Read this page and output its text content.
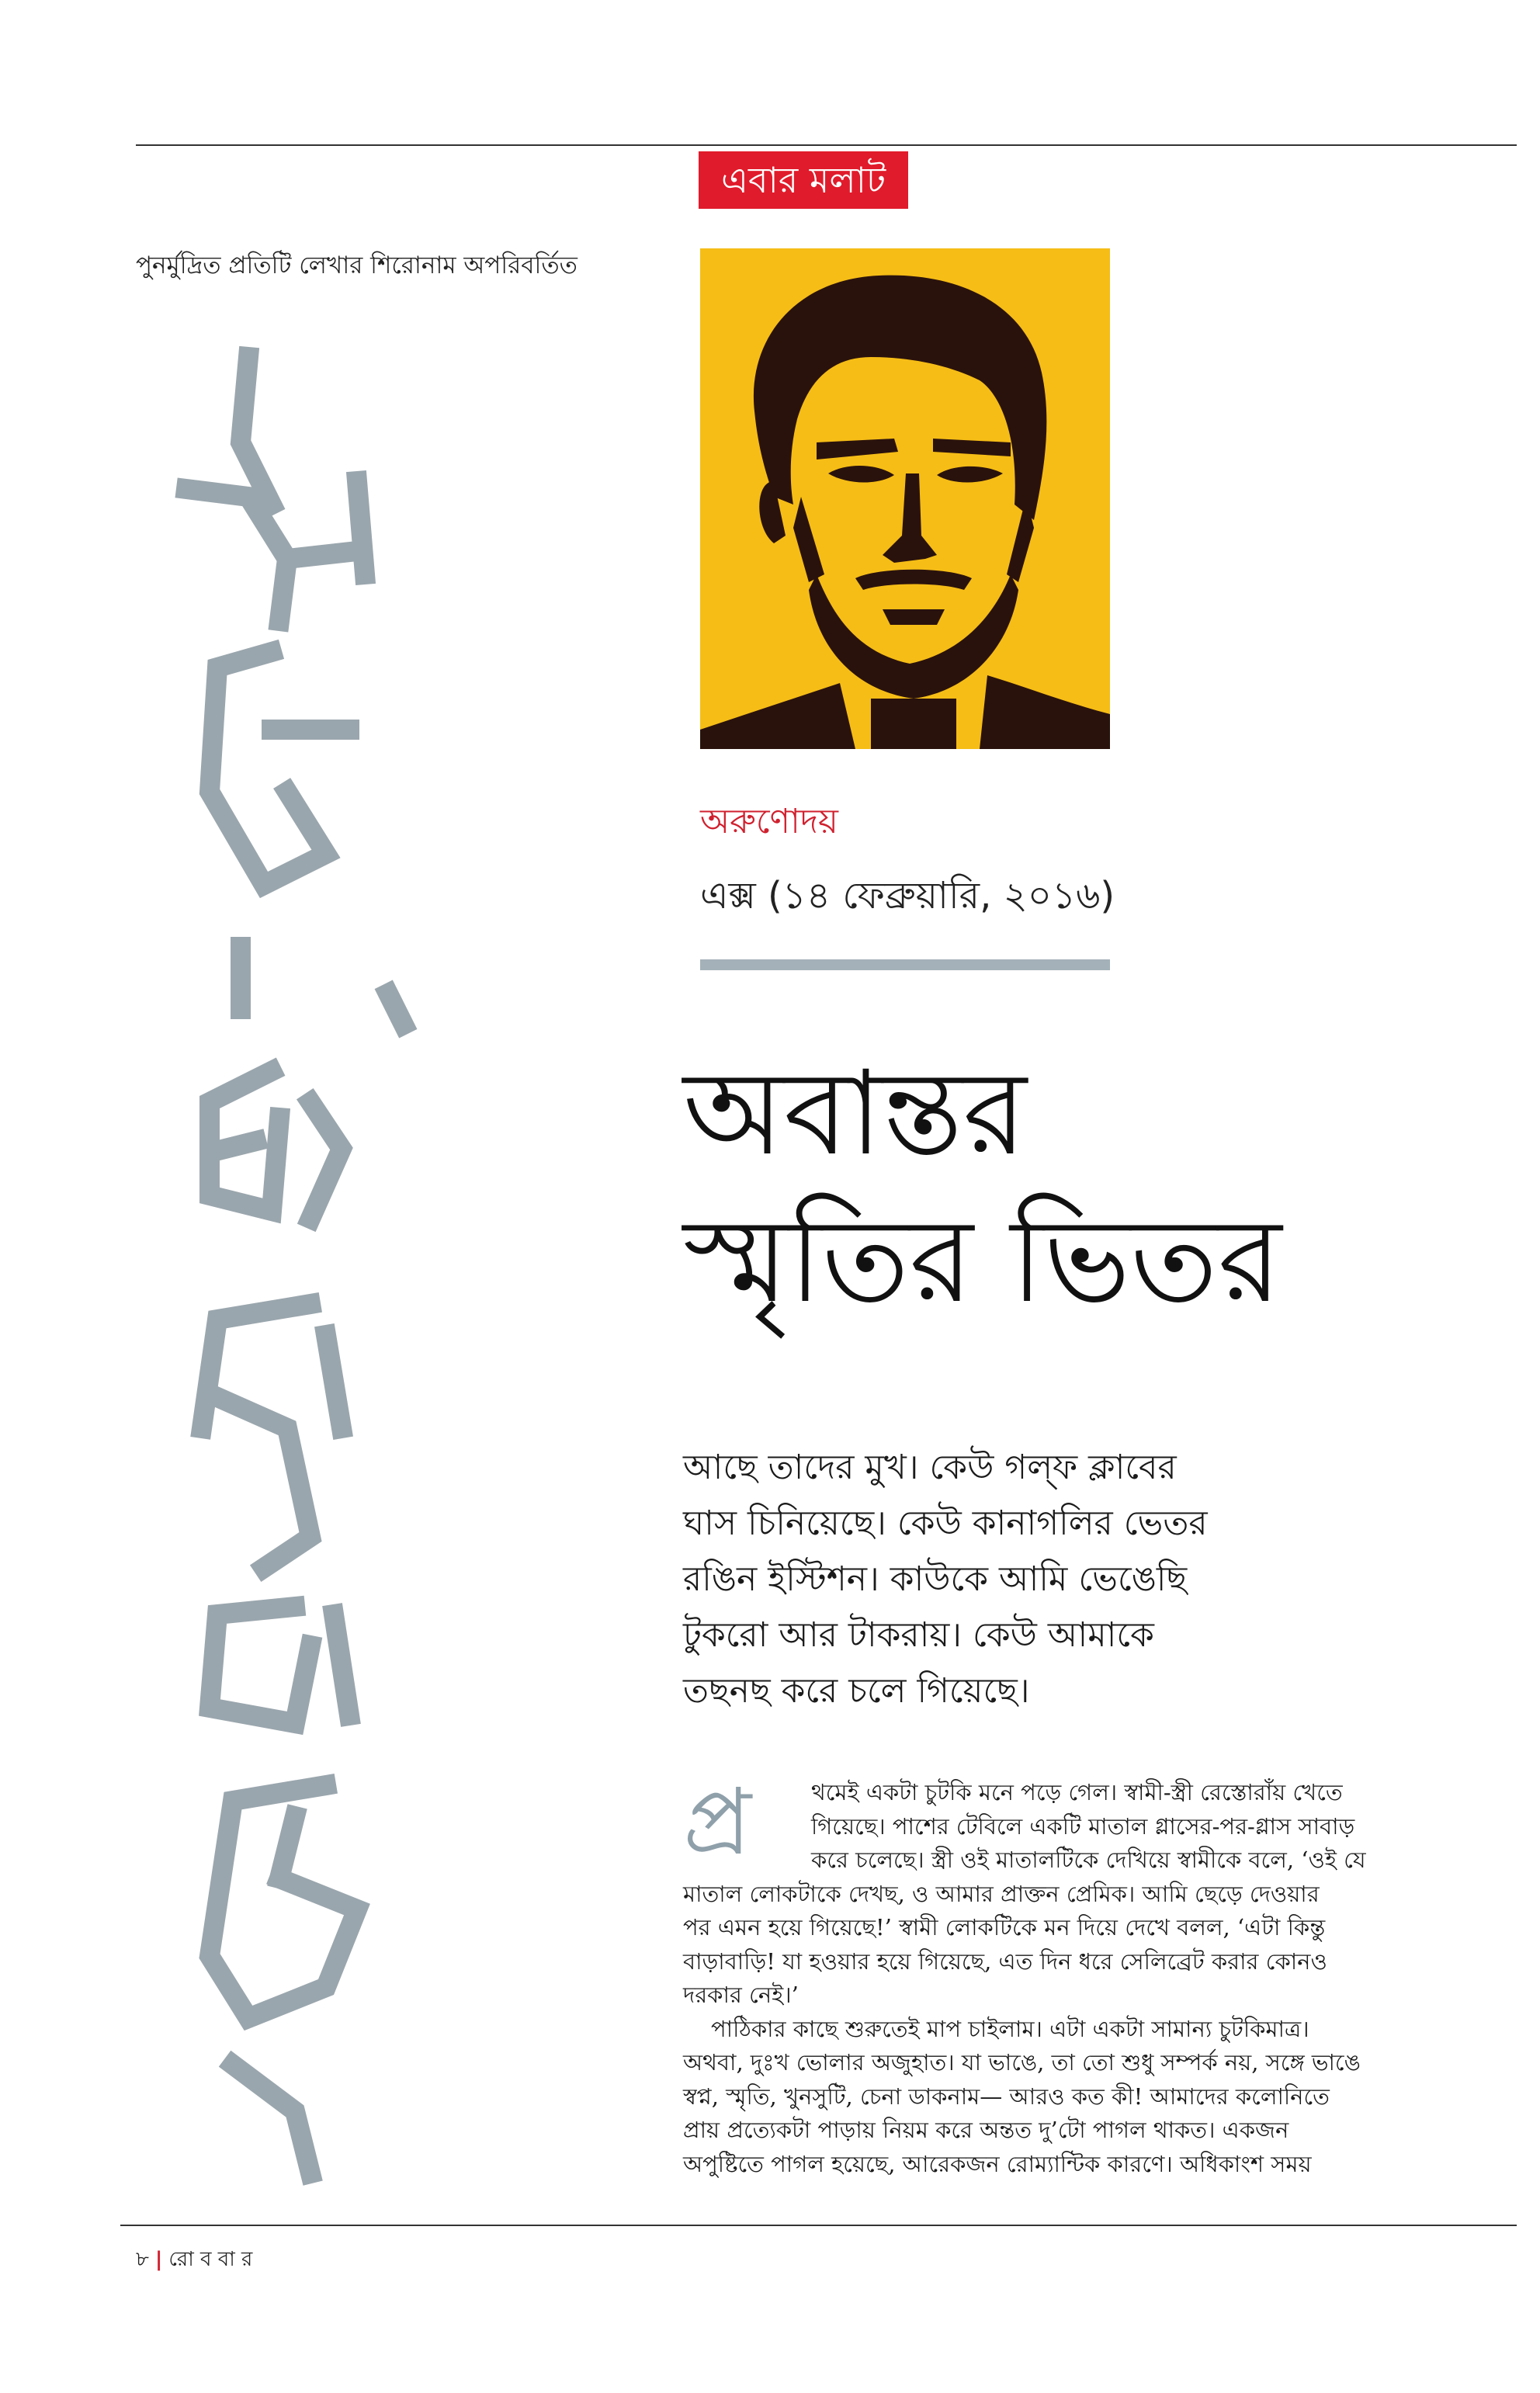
এবার মলাট
পুনর্মুদ্রিত প্রতিটি লেখার শিরোনাম অপরিবর্তিত
অরুণোদয়
এক্স (১৪ ফেব্রুয়ারি, ২০১৬)
অবান্তর
স্মৃতির ভিতর
আছে তাদের মুখ। কেউ গল্‌ফ ক্লাবের
ঘাস চিনিয়েছে। কেউ কানাগলির ভেতর
রঙিন ইস্টিশন। কাউকে আমি ভেঙেছি
টুকরো আর টাকরায়। কেউ আমাকে
তছনছ করে চলে গিয়েছে।
প্র	থমেই একটা চুটকি মনে পড়ে গেল। স্বামী-স্ত্রী রেস্তোরাঁয় খেতে
গিয়েছে। পাশের টেবিলে একটি মাতাল গ্লাসের-পর-গ্লাস সাবাড়
করে চলেছে। স্ত্রী ওই মাতালটিকে দেখিয়ে স্বামীকে বলে, ‘ওই যে
মাতাল লোকটাকে দেখছ, ও আমার প্রাক্তন প্রেমিক। আমি ছেড়ে দেওয়ার
পর এমন হয়ে গিয়েছে!’ স্বামী লোকটিকে মন দিয়ে দেখে বলল, ‘এটা কিন্তু
বাড়াবাড়ি! যা হওয়ার হয়ে গিয়েছে, এত দিন ধরে সেলিব্রেট করার কোনও
দরকার নেই।’
পাঠিকার কাছে শুরুতেই মাপ চাইলাম। এটা একটা সামান্য চুটকিমাত্র।
অথবা, দুঃখ ভোলার অজুহাত। যা ভাঙে, তা তো শুধু সম্পর্ক নয়, সঙ্গে ভাঙে
স্বপ্ন, স্মৃতি, খুনসুটি, চেনা ডাকনাম— আরও কত কী! আমাদের কলোনিতে
প্রায় প্রত্যেকটা পাড়ায় নিয়ম করে অন্তত দু’টো পাগল থাকত। একজন
অপুষ্টিতে পাগল হয়েছে, আরেকজন রোম্যান্টিক কারণে। অধিকাংশ সময়
৮ | রো ব বা র
